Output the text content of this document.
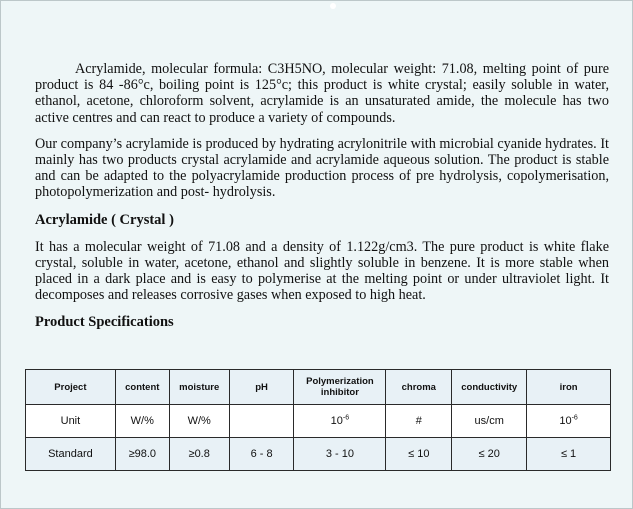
Acrylamide, molecular formula: C3H5NO, molecular weight: 71.08, melting point of pure product is 84 -86°c, boiling point is 125°c; this product is white crystal; easily soluble in water, ethanol, acetone, chloroform solvent, acrylamide is an unsaturated amide, the molecule has two active centres and can react to produce a variety of compounds.

Our company’s acrylamide is produced by hydrating acrylonitrile with microbial cyanide hydrates. It mainly has two products crystal acrylamide and acrylamide aqueous solution. The product is stable and can be adapted to the polyacrylamide production process of pre hydrolysis, copolymerisation, photopolymerization and post- hydrolysis.

Acrylamide ( Crystal )

It has a molecular weight of 71.08 and a density of 1.122g/cm3. The pure product is white flake crystal, soluble in water, acetone, ethanol and slightly soluble in benzene. It is more stable when placed in a dark place and is easy to polymerise at the melting point or under ultraviolet light. It decomposes and releases corrosive gases when exposed to high heat.

Product Specifications
Project	content	moisture	pH	Polymerization inhibitor	chroma	conductivity	iron
Unit	W/%	W/%		$10^{-6}$	#	us/cm	$10^{-6}$
Standard	≥98.0	≥0.8	6 - 8	3 - 10	≤ 10	≤ 20	≤ 1
